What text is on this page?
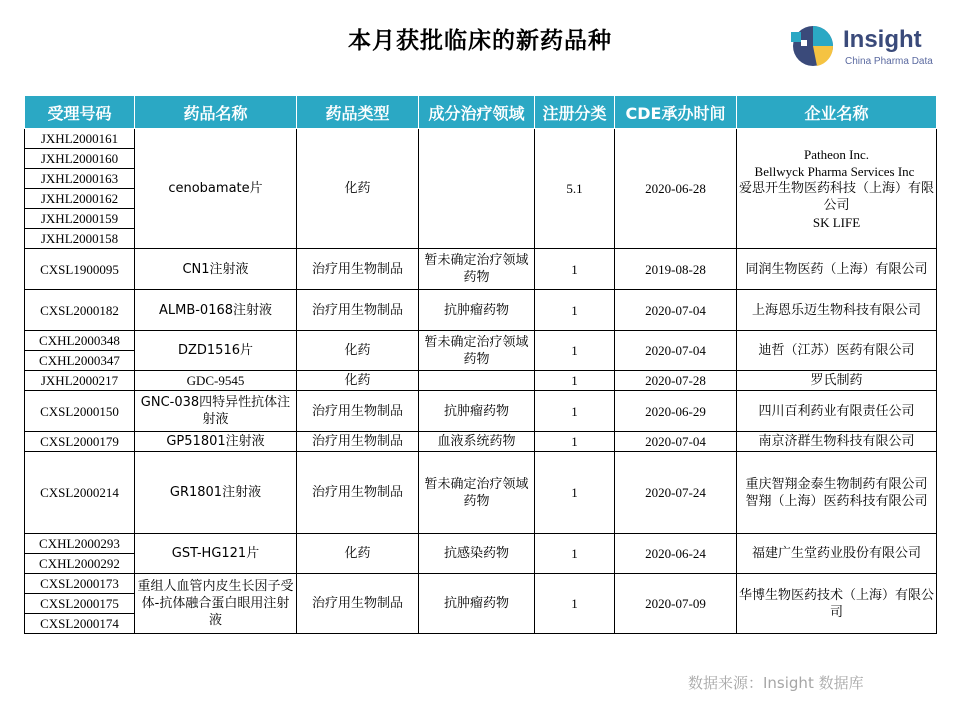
本月获批临床的新药品种	Insight
China Pharma Data
受理号码	药品名称	药品类型	成分治疗领域	注册分类	CDE承办时间	企业名称
JXHL2000161	cenobamate片	化药		5.1	2020-06-28	Patheon Inc.
Bellwyck Pharma Services Inc
爱思开生物医药科技（上海）有限公司
SK LIFE

JXHL2000160						
JXHL2000163						
JXHL2000162						
JXHL2000159						
JXHL2000158						
CXSL1900095	CN1注射液	治疗用生物制品	暂未确定治疗领域药物	1	2019-08-28	同润生物医药（上海）有限公司
CXSL2000182	ALMB-0168注射液	治疗用生物制品	抗肿瘤药物	1	2020-07-04	上海恩乐迈生物科技有限公司
CXHL2000348	DZD1516片	化药	暂未确定治疗领域药物	1	2020-07-04	迪哲（江苏）医药有限公司
CXHL2000347						
JXHL2000217	GDC-9545	化药		1	2020-07-28	罗氏制药
CXSL2000150	GNC-038四特异性抗体注射液	治疗用生物制品	抗肿瘤药物	1	2020-06-29	四川百利药业有限责任公司
CXSL2000179	GP51801注射液	治疗用生物制品	血液系统药物	1	2020-07-04	南京济群生物科技有限公司
CXSL2000214	GR1801注射液	治疗用生物制品	暂未确定治疗领域药物	1	2020-07-24	重庆智翔金泰生物制药有限公司
智翔（上海）医药科技有限公司

CXHL2000293	GST-HG121片	化药	抗感染药物	1	2020-06-24	福建广生堂药业股份有限公司
CXHL2000292						
CXSL2000173	重组人血管内皮生长因子受体-抗体融合蛋白眼用注射液	治疗用生物制品	抗肿瘤药物	1	2020-07-09	华博生物医药技术（上海）有限公司
CXSL2000175						
CXSL2000174						
数据来源：Insight 数据库
